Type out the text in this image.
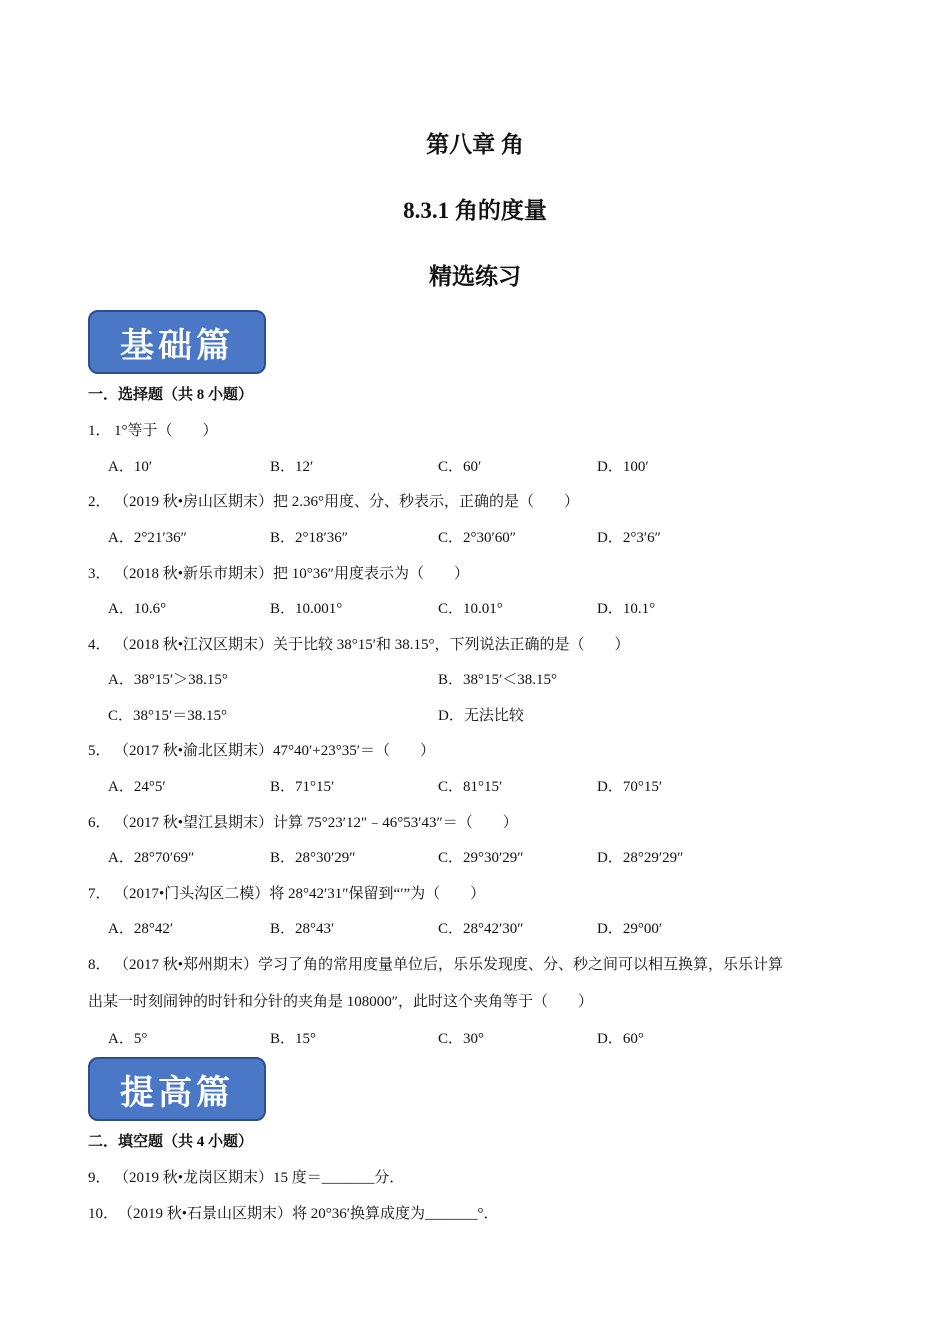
第八章 角
8.3.1 角的度量
精选练习
基础篇
一．选择题（共 8 小题）
1． 1°等于（　　）
A．10′	B．12′	C．60′	D．100′
2． （2019 秋•房山区期末）把 2.36°用度、分、秒表示，正确的是（　　）
A．2°21′36″	B．2°18′36″	C．2°30′60″	D．2°3′6″
3． （2018 秋•新乐市期末）把 10°36″用度表示为（　　）
A．10.6°	B．10.001°	C．10.01°	D．10.1°
4． （2018 秋•江汉区期末）关于比较 38°15′和 38.15°，下列说法正确的是（　　）
A．38°15′＞38.15°	B．38°15′＜38.15°
C．38°15′＝38.15°	D．无法比较
5． （2017 秋•渝北区期末）47°40′+23°35′＝（　　）
A．24°5′	B．71°15′	C．81°15′	D．70°15′
6． （2017 秋•望江县期末）计算 75°23′12″﹣46°53′43″＝（　　）
A．28°70′69″	B．28°30′29″	C．29°30′29″	D．28°29′29″
7． （2017•门头沟区二模）将 28°42′31″保留到“′”为（　　）
A．28°42′	B．28°43′	C．28°42′30″	D．29°00′
8． （2017 秋•郑州期末）学习了角的常用度量单位后，乐乐发现度、分、秒之间可以相互换算，乐乐计算
出某一时刻闹钟的时针和分针的夹角是 108000″，此时这个夹角等于（　　）
A．5°	B．15°	C．30°	D．60°
提高篇
二．填空题（共 4 小题）
9． （2019 秋•龙岗区期末）15 度＝_______分．
10．（2019 秋•石景山区期末）将 20°36′换算成度为_______°．
